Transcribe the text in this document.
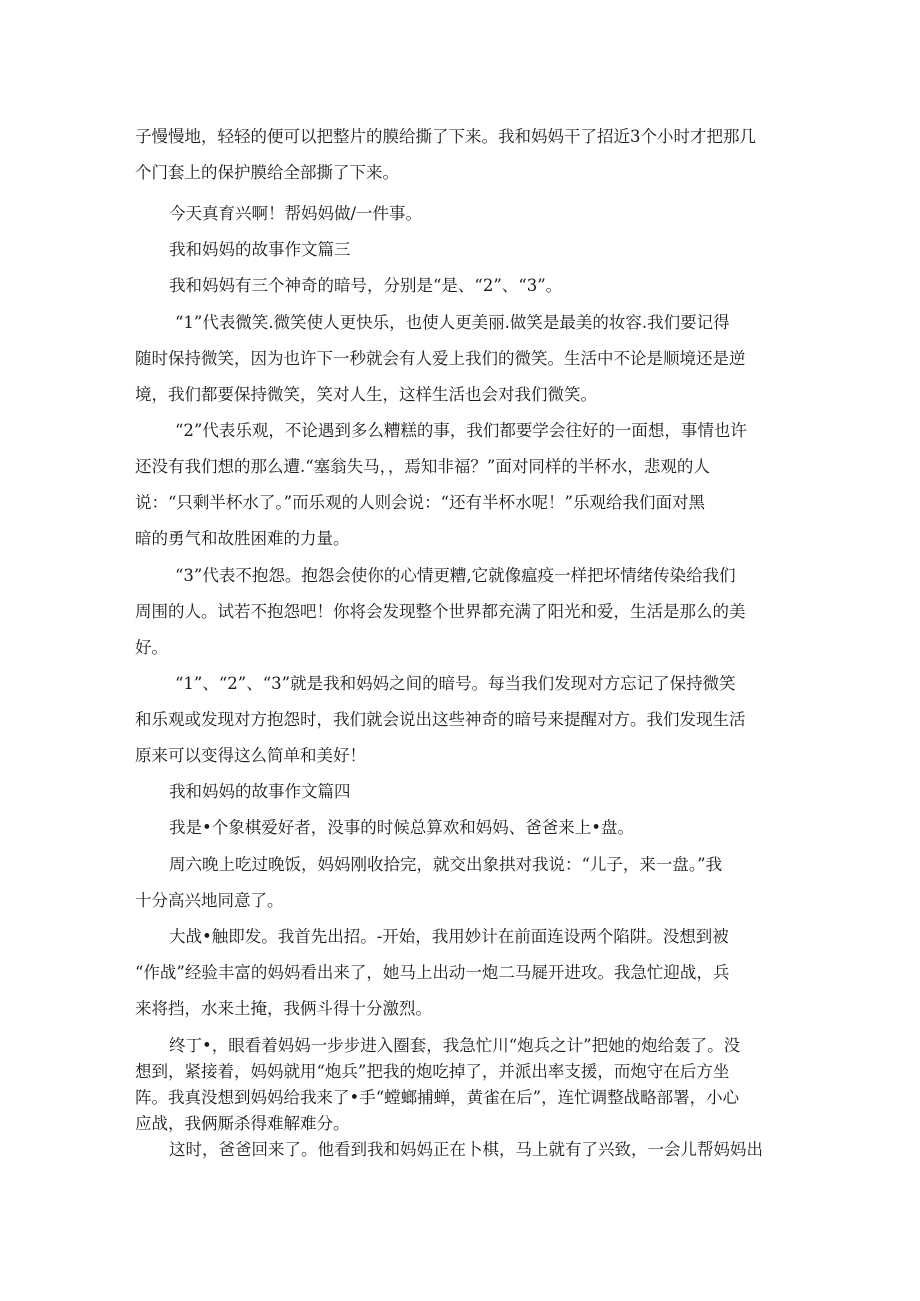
子慢慢地，轻轻的便可以把整片的膜给撕了下来。我和妈妈干了招近3个小时才把那几
个门套上的保护膜给全部撕了下来。

今天真育兴啊！帮妈妈做/一件事。

我和妈妈的故事作文篇三

我和妈妈有三个神奇的暗号，分别是“是、“2”、“3”。

“1”代表微笑.微笑使人更快乐，也使人更美丽.做笑是最美的妆容.我们要记得
随时保持微笑，因为也许下一秒就会有人爱上我们的微笑。生活中不论是顺境还是逆
境，我们都要保持微笑，笑对人生，这样生活也会对我们微笑。

“2”代表乐观，不论遇到多么糟糕的事，我们都要学会往好的一面想，事情也许
还没有我们想的那么遭.“塞翁失马，，焉知非福？”面对同样的半杯水，悲观的人
说：“只剩半杯水了。”而乐观的人则会说：“还有半杯水呢！”乐观给我们面对黑
暗的勇气和故胜困难的力量。

“3”代表不抱怨。抱怨会使你的心情更糟,它就像瘟疫一样把坏情绪传染给我们
周围的人。试若不抱怨吧！你将会发现整个世界都充满了阳光和爱，生活是那么的美
好。

“1”、“2”、“3”就是我和妈妈之间的暗号。每当我们发现对方忘记了保持微笑
和乐观或发现对方抱怨时，我们就会说出这些神奇的暗号来提醒对方。我们发现生活
原来可以变得这么简单和美好！

我和妈妈的故事作文篇四

我是•个象棋爱好者，没事的时候总算欢和妈妈、爸爸来上•盘。

周六晚上吃过晚饭，妈妈刚收拾完，就交出象拱对我说：“儿子，来一盘。”我
十分高兴地同意了。

大战•触即发。我首先出招。-开始，我用妙计在前面连设两个陷阱。没想到被
“作战”经验丰富的妈妈看出来了，她马上出动一炮二马屣开进攻。我急忙迎战，兵
来将挡，水来土掩，我俩斗得十分激烈。

终丁•，眼看着妈妈一步步进入圈套，我急忙川“炮兵之计”把她的炮给轰了。没
想到，紧接着，妈妈就用“炮兵”把我的炮吃掉了，并派出率支援，而炮守在后方坐
阵。我真没想到妈妈给我来了•手“螳螂捕蝉，黄雀在后”，连忙调整战略部署，小心
应战，我俩厮杀得难解难分。

这时，爸爸回来了。他看到我和妈妈正在卜棋，马上就有了兴致，一会儿帮妈妈出
